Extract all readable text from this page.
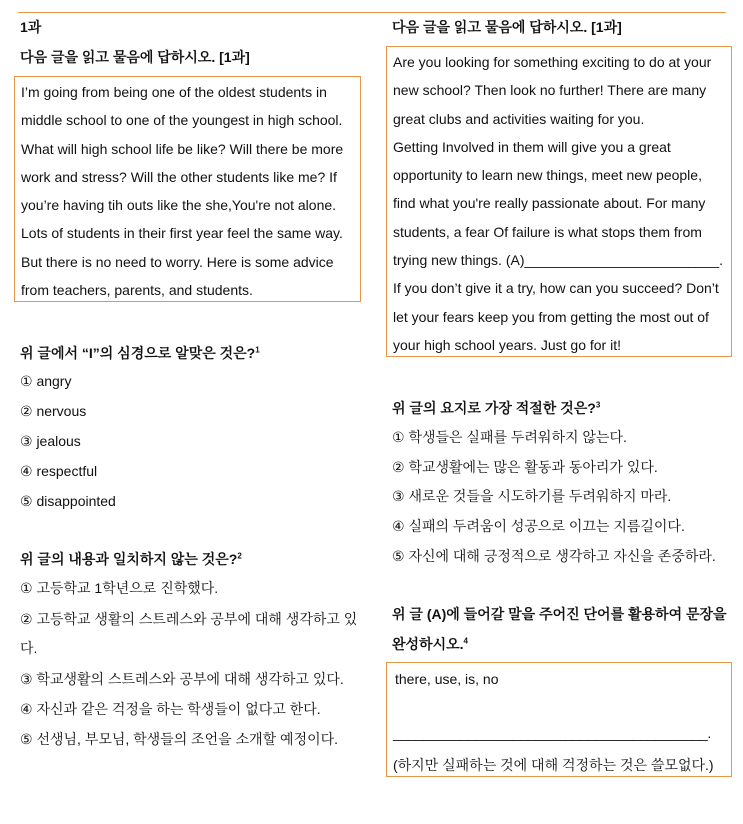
1과
다음 글을 읽고 물음에 답하시오. [1과]
I’m going from being one of the oldest students in
middle school to one of the youngest in high school.
What will high school life be like? Will there be more
work and stress? Will the other students like me? If
you’re having tih outs like the she,You're not alone.
Lots of students in their first year feel the same way.
But there is no need to worry. Here is some advice
from teachers, parents, and students.
위 글에서 “I”의 심경으로 알맞은 것은?$^1$
① angry
② nervous
③ jealous
④ respectful
⑤ disappointed
위 글의 내용과 일치하지 않는 것은?$^2$
① 고등학교 1학년으로 진학했다.
② 고등학교 생활의 스트레스와 공부에 대해 생각하고 있
다.
③ 학교생활의 스트레스와 공부에 대해 생각하고 있다.
④ 자신과 같은 걱정을 하는 학생들이 없다고 한다.
⑤ 선생님, 부모님, 학생들의 조언을 소개할 예정이다.
다음 글을 읽고 물음에 답하시오. [1과]
Are you looking for something exciting to do at your
new school? Then look no further! There are many
great clubs and activities waiting for you.
Getting Involved in them will give you a great
opportunity to learn new things, meet new people,
find what you're really passionate about. For many
students, a fear Of failure is what stops them from
trying new things. (A)_________________________.
If you don’t give it a try, how can you succeed? Don’t
let your fears keep you from getting the most out of
your high school years. Just go for it!
위 글의 요지로 가장 적절한 것은?$^3$
① 학생들은 실패를 두려워하지 않는다.
② 학교생활에는 많은 활동과 동아리가 있다.
③ 새로운 것들을 시도하기를 두려워하지 마라.
④ 실패의 두려움이 성공으로 이끄는 지름길이다.
⑤ 자신에 대해 긍정적으로 생각하고 자신을 존중하라.
위 글 (A)에 들어갈 말을 주어진 단어를 활용하여 문장을
완성하시오.$^4$
there, use, is, no
__________________________________________.
(하지만 실패하는 것에 대해 걱정하는 것은 쓸모없다.)
